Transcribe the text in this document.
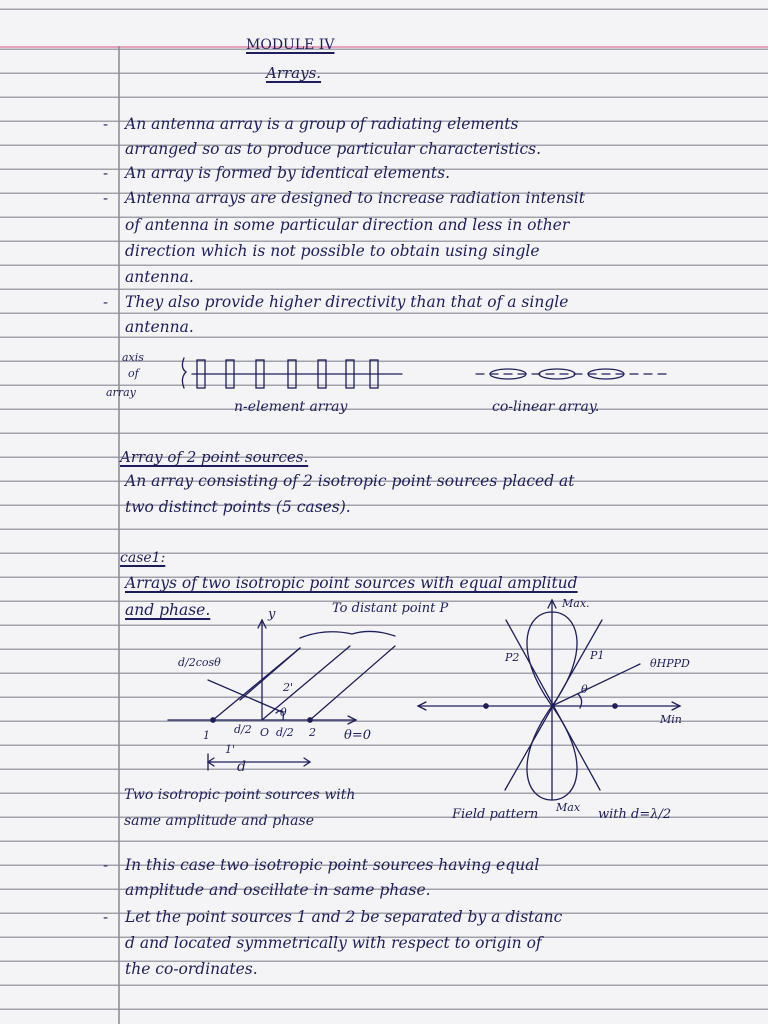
MODULE IV
Arrays.
- An antenna array is a group of radiating elements
arranged so as to produce particular characteristics.
- An array is formed by identical elements.
- Antenna arrays are designed to increase radiation intensit
of antenna in some particular direction and less in other
direction which is not possible to obtain using single
antenna.
- They also provide higher directivity than that of a single
antenna.
axis
of
array
n-element array	co-linear array.
Array of 2 point sources.
An array consisting of 2 isotropic point sources placed at
two distinct points (5 cases).
case1:
Arrays of two isotropic point sources with equal amplitud
and phase.	y	To distant point P
d/2cosθ
2'
θ
1
1'
d/2 O d/2 2 θ=0
d
Two isotropic point sources with
same amplitude and phase
Max.
P2	P1
θHPPD
θ
Min
Field pattern Max with d=λ/2
- In this case two isotropic point sources having equal
amplitude and oscillate in same phase.
- Let the point sources 1 and 2 be separated by a distanc
d and located symmetrically with respect to origin of
the co-ordinates.
